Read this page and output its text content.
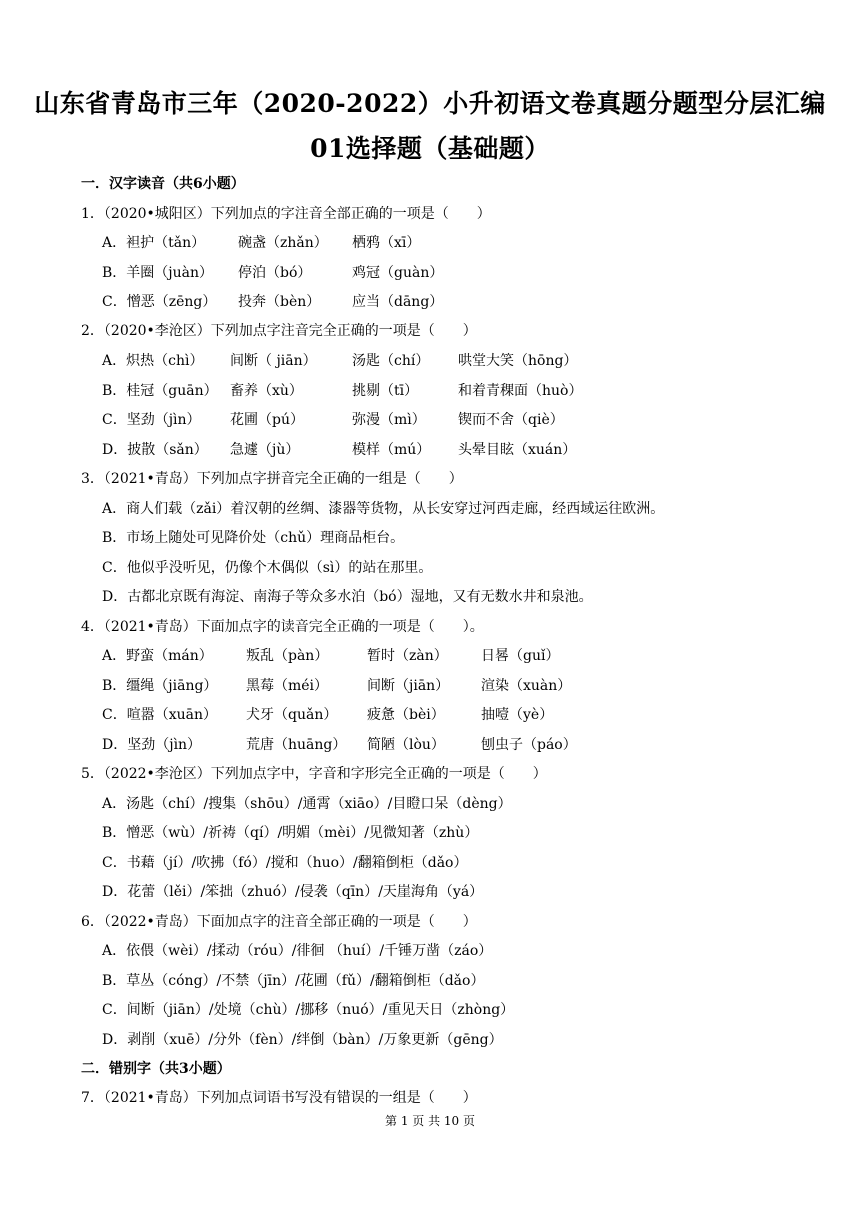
山东省青岛市三年（2020-2022）小升初语文卷真题分题型分层汇编
01选择题（基础题）
一．汉字读音（共6小题）
1．（2020•城阳区）下列加点的字注音全部正确的一项是（　　）
A．袒护（tǎn） 碗盏（zhǎn） 栖鸦（xī）
B．羊圈（juàn） 停泊（bó）	鸡冠（guàn）
C．憎恶（zēng） 投奔（bèn） 应当（dāng）
2．（2020•李沧区）下列加点字注音完全正确的一项是（　　）
A．炽热（chì） 间断（ jiān）	汤匙（chí） 哄堂大笑（hōng）
B．桂冠（guān） 畜养（xù）	挑剔（tī）	和着青稞面（huò）
C．坚劲（jìn） 花圃（pú）	弥漫（mì） 锲而不舍（qiè）
D．披散（sǎn） 急遽（jù）	模样（mú） 头晕目眩（xuán）
3．（2021•青岛）下列加点字拼音完全正确的一组是（　　）
A．商人们载（zǎi）着汉朝的丝绸、漆器等货物，从长安穿过河西走廊，经西域运往欧洲。
B．市场上随处可见降价处（chǔ）理商品柜台。
C．他似乎没听见，仍像个木偶似（sì）的站在那里。
D．古都北京既有海淀、南海子等众多水泊（bó）湿地，又有无数水井和泉池。
4．（2021•青岛）下面加点字的读音完全正确的一项是（　　）。
A．野蛮（mán） 叛乱（pàn）	暂时（zàn） 日晷（guǐ）
B．缰绳（jiāng） 黑莓（méi）	间断（jiān） 渲染（xuàn）
C．喧嚣（xuān） 犬牙（quǎn） 疲惫（bèi）	抽噎（yè）
D．坚劲（jìn）	荒唐（huāng） 简陋（lòu）	刨虫子（páo）
5．（2022•李沧区）下列加点字中，字音和字形完全正确的一项是（　　）
A．汤匙（chí）/搜集（shōu）/通霄（xiāo）/目瞪口呆（dèng）
B．憎恶（wù）/祈祷（qí）/明媚（mèi）/见微知著（zhù）
C．书藉（jí）/吹拂（fó）/搅和（huo）/翻箱倒柜（dǎo）
D．花蕾（lěi）/笨拙（zhuó）/侵袭（qīn）/天崖海角（yá）
6．（2022•青岛）下面加点字的注音全部正确的一项是（　　）
A．依偎（wèi）/揉动（róu）/徘徊 （huí）/千锤万凿（záo）
B．草丛（cóng）/不禁（jīn）/花圃（fǔ）/翻箱倒柜（dǎo）
C．间断（jiān）/处境（chù）/挪移（nuó）/重见天日（zhòng）
D．剥削（xuē）/分外（fèn）/绊倒（bàn）/万象更新（gēng）
二．错别字（共3小题）
7．（2021•青岛）下列加点词语书写没有错误的一组是（　　）
第 1 页 共 10 页
